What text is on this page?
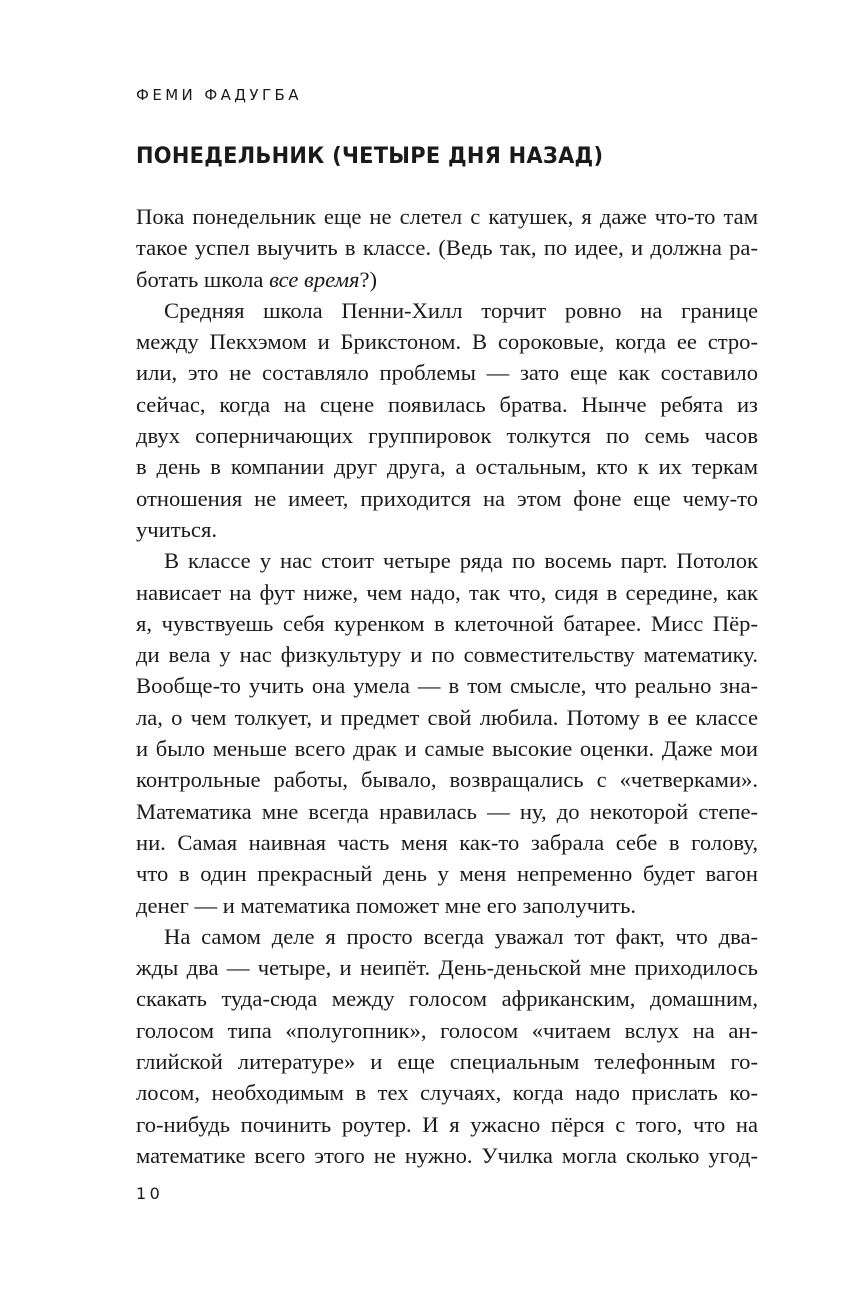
ФЕМИ ФАДУГБА
ПОНЕДЕЛЬНИК (ЧЕТЫРЕ ДНЯ НАЗАД)
Пока понедельник еще не слетел с катушек, я даже что-то там
такое успел выучить в классе. (Ведь так, по идее, и должна ра-
ботать школа все время?)
Средняя школа Пенни-Хилл торчит ровно на границе
между Пекхэмом и Брикстоном. В сороковые, когда ее стро-
или, это не составляло проблемы — зато еще как составило
сейчас, когда на сцене появилась братва. Нынче ребята из
двух соперничающих группировок толкутся по семь часов
в день в компании друг друга, а остальным, кто к их теркам
отношения не имеет, приходится на этом фоне еще чему-то
учиться.
В классе у нас стоит четыре ряда по восемь парт. Потолок
нависает на фут ниже, чем надо, так что, сидя в середине, как
я, чувствуешь себя куренком в клеточной батарее. Мисс Пёр-
ди вела у нас физкультуру и по совместительству математику.
Вообще-то учить она умела — в том смысле, что реально зна-
ла, о чем толкует, и предмет свой любила. Потому в ее классе
и было меньше всего драк и самые высокие оценки. Даже мои
контрольные работы, бывало, возвращались с «четверками».
Математика мне всегда нравилась — ну, до некоторой степе-
ни. Самая наивная часть меня как-то забрала себе в голову,
что в один прекрасный день у меня непременно будет вагон
денег — и математика поможет мне его заполучить.
На самом деле я просто всегда уважал тот факт, что два-
жды два — четыре, и неипёт. День-деньской мне приходилось
скакать туда-сюда между голосом африканским, домашним,
голосом типа «полугопник», голосом «читаем вслух на ан-
глийской литературе» и еще специальным телефонным го-
лосом, необходимым в тех случаях, когда надо прислать ко-
го-нибудь починить роутер. И я ужасно пёрся с того, что на
математике всего этого не нужно. Училка могла сколько угод-
10
